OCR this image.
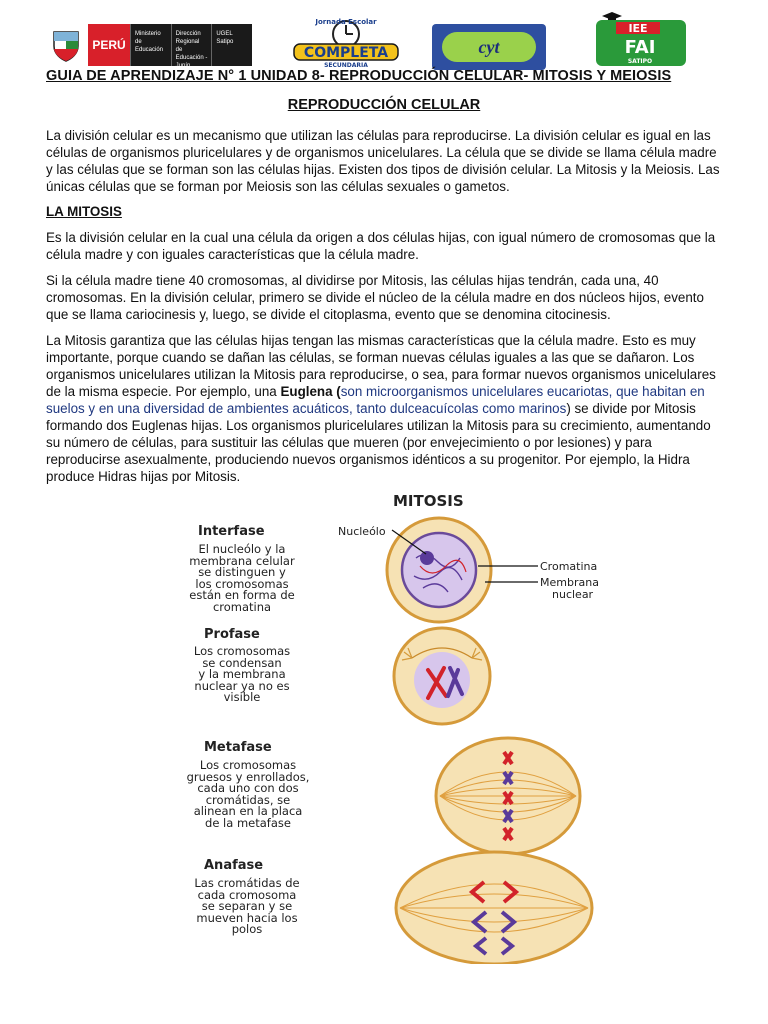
PERÚ
Ministerio de Educación
Dirección Regional de Educación - Junín
UGEL Satipo
Jornada Escolar
COMPLETA
SECUNDARIA
cyt
IEE
FAI
SATIPO
GUIA DE APRENDIZAJE N° 1 UNIDAD 8- REPRODUCCIÓN CELULAR- MITOSIS Y MEIOSIS
REPRODUCCIÓN CELULAR
La división celular es un mecanismo que utilizan las células para reproducirse. La división celular es igual en las células de organismos pluricelulares y de organismos unicelulares. La célula que se divide se llama célula madre y las células que se forman son las células hijas. Existen dos tipos de división celular. La Mitosis y la Meiosis. Las únicas células que se forman por Meiosis son las células sexuales o gametos.
LA MITOSIS
Es la división celular en la cual una célula da origen a dos células hijas, con igual número de cromosomas que la célula madre y con iguales características que la célula madre.
Si la célula madre tiene 40 cromosomas, al dividirse por Mitosis, las células hijas tendrán, cada una, 40 cromosomas. En la división celular, primero se divide el núcleo de la célula madre en dos núcleos hijos, evento que se llama cariocinesis y, luego, se divide el citoplasma, evento que se denomina citocinesis.
La Mitosis garantiza que las células hijas tengan las mismas características que la célula madre. Esto es muy importante, porque cuando se dañan las células, se forman nuevas células iguales a las que se dañaron. Los organismos unicelulares utilizan la Mitosis para reproducirse, o sea, para formar nuevos organismos unicelulares de la misma especie. Por ejemplo, una Euglena (son microorganismos unicelulares eucariotas, que habitan en suelos y en una diversidad de ambientes acuáticos, tanto dulceacuícolas como marinos) se divide por Mitosis formando dos Euglenas hijas. Los organismos pluricelulares utilizan la Mitosis para su crecimiento, aumentando su número de células, para sustituir las células que mueren (por envejecimiento o por lesiones) y para reproducirse asexualmente, produciendo nuevos organismos idénticos a su progenitor. Por ejemplo, la Hidra produce Hidras hijas por Mitosis.
MITOSIS
Interfase
El nucleólo y la
membrana celular
se distinguen y
los cromosomas
están en forma de
cromatina
Profase
Los cromosomas
se condensan
y la membrana
nuclear ya no es
visible
Metafase
Los cromosomas
gruesos y enrollados,
cada uno con dos
cromátidas, se
alinean en la placa
de la metafase
Anafase
Las cromátidas de
cada cromosoma
se separan y se
mueven hacia los
polos
Nucleólo
Cromatina
Membrana nuclear
